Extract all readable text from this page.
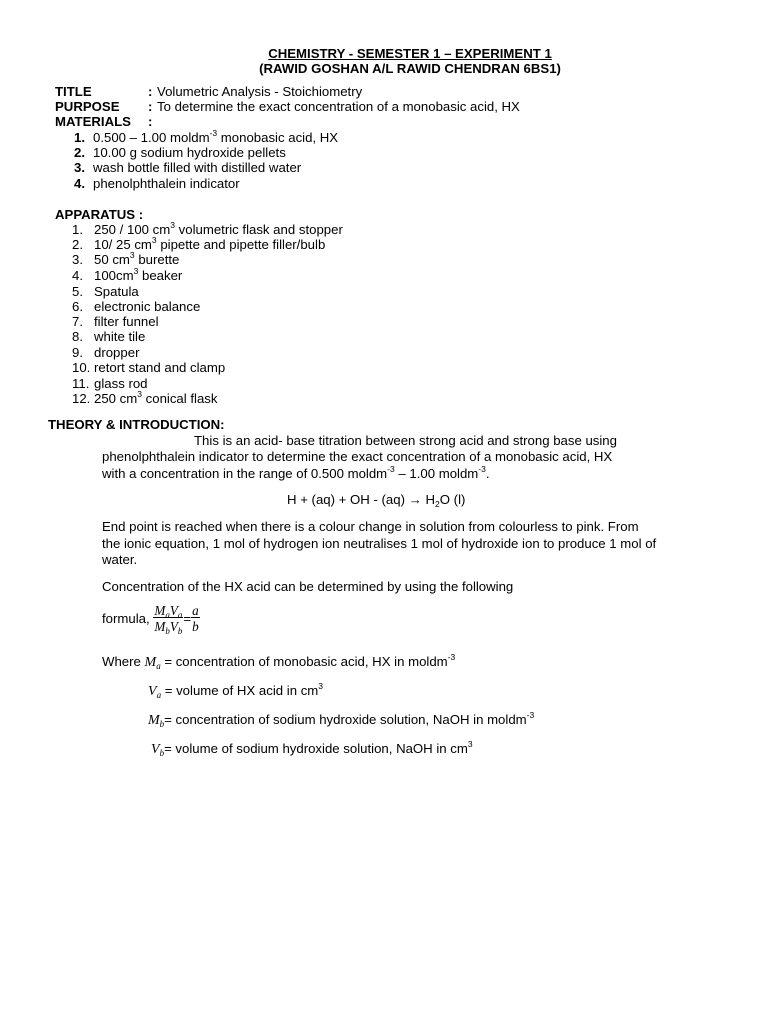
CHEMISTRY - SEMESTER 1 – EXPERIMENT 1
(RAWID GOSHAN A/L RAWID CHENDRAN 6BS1)
TITLE	: Volumetric Analysis - Stoichiometry
PURPOSE : To determine the exact concentration of a monobasic acid, HX
MATERIALS :
1. 0.500 – 1.00 moldm$^{-3}$ monobasic acid, HX
2. 10.00 g sodium hydroxide pellets
3. wash bottle filled with distilled water
4. phenolphthalein indicator
APPARATUS :
1. 250 / 100 $cm^3$ volumetric flask and stopper
2. 10/ 25 $cm^3$ pipette and pipette filler/bulb
3. 50 $cm^3$ burette
4. $100cm^3$ beaker
5. Spatula
6. electronic balance
7. filter funnel
8. white tile
9. dropper
10. retort stand and clamp
11. glass rod
12. 250 $cm^3$ conical flask
THEORY & INTRODUCTION:
This is an acid- base titration between strong acid and strong base using
phenolphthalein indicator to determine the exact concentration of a monobasic acid, HX
with a concentration in the range of 0.500 moldm$^{-3}$ – 1.00 moldm$^{-3}$.
H + (aq) + OH - $(aq) \to H_2O$ (l)
End point is reached when there is a colour change in solution from colourless to pink. From
the ionic equation, 1 mol of hydrogen ion neutralises 1 mol of hydroxide ion to produce 1 mol of
water.
Concentration of the HX acid can be determined by using the following
formula, $\frac{M_aV_a}{M_bV_b} = \frac{a}{b}$
Where $M_a$ = concentration of monobasic acid, HX in moldm$^{-3}$
$V_a$ = volume of HX acid in $cm^3$
$M_b=$ concentration of sodium hydroxide solution, NaOH in moldm$^{-3}$
$V_b=$ volume of sodium hydroxide solution, NaOH in $cm^3$
